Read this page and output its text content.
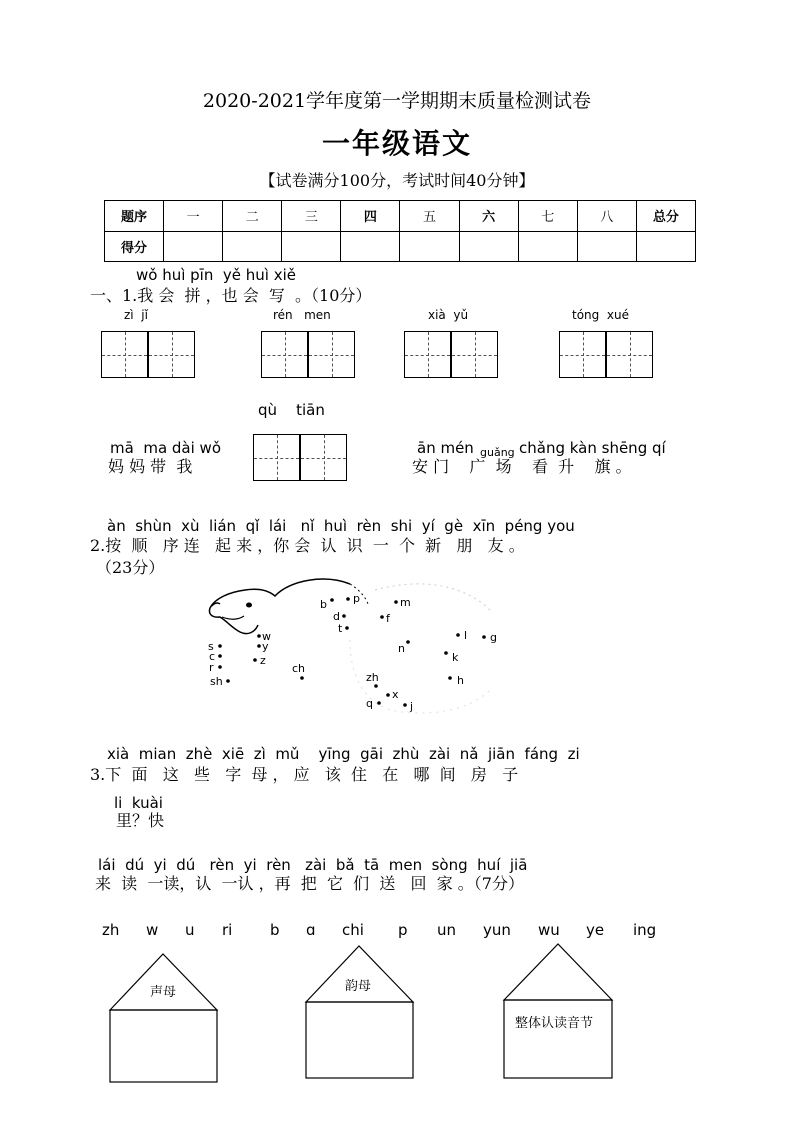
2020-2021学年度第一学期期末质量检测试卷
一年级语文
【试卷满分100分，考试时间40分钟】
题序	一	二	三	四	五	六	七	八	总分
得分									
wǒ huì pīn  yě huì xiě
一、1.我 会  拼 ，也 会  写  。（10分）
zì  jǐ	rén   men	xià  yǔ	tóng  xué
qù    tiān
mā  ma dài wǒ
妈 妈 带  我
ān mén guǎng chǎng kàn shēng qí
安 门    广  场    看  升    旗 。
àn  shùn  xù  lián  qǐ  lái   nǐ  huì  rèn  shi  yí  gè  xīn  péng you
2.按  顺   序 连   起 来 ，你 会  认  识  一  个  新   朋   友 。
（23分）
b p	m
d	f
t
w
y
s
c	z
r
l g
n
k
ch
sh	zh	h
x
q	j
xià  mian  zhè  xiē  zì  mǔ    yīng  gāi  zhù  zài  nǎ  jiān  fáng  zi
3.下  面   这   些   字  母 ， 应   该  住   在   哪  间   房   子
li  kuài
里？快
lái  dú  yi  dú   rèn  yi  rèn   zài  bǎ  tā  men  sòng  huí  jiā
来  读  一读，认  一认 ，再  把  它  们  送   回  家 。（7分）
zh w u ri	b ɑ chi p un yun wu ye ing
声母	韵母
整体认读音节
